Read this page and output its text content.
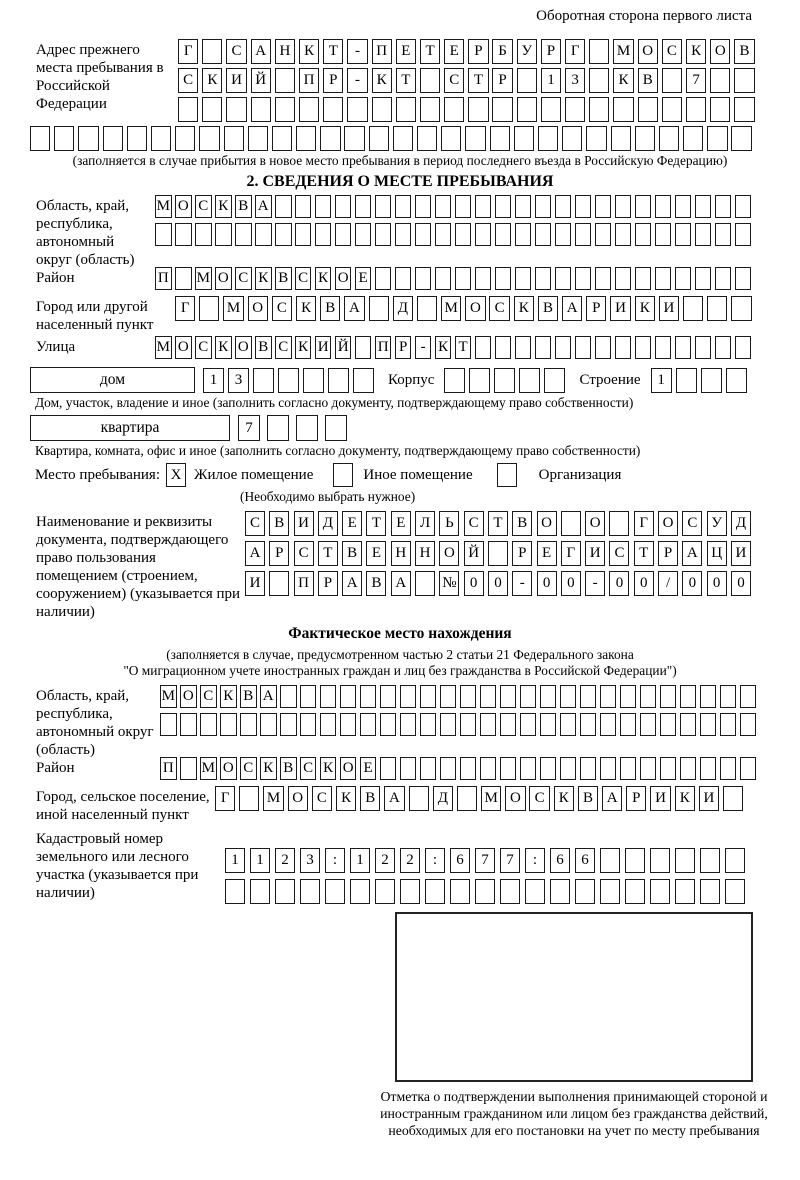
Оборотная сторона первого листа
Адрес прежнего места пребывания в Российской Федерации
Г	С А Н К Т	-	П Е	Т	Е	Р	Б У Р	Г	М О С К О В
С К И Й	П Р	-	К Т	С Т	Р	1	3	К В	7
(заполняется в случае прибытия в новое место пребывания в период последнего въезда в Российскую Федерацию)
2. СВЕДЕНИЯ О МЕСТЕ ПРЕБЫВАНИЯ
Область, край, республика, автономный округ (область)
М О С К В А
Район	П М О С К В С К О Е
Город или другой населенный пункт
Г	М О С К В А	Д	М О С К В А Р И К И
Улица	М О С К О В С К И Й П Р - К Т
дом	1	3	Корпус	Строение	1
Дом, участок, владение и иное (заполнить согласно документу, подтверждающему право собственности)
квартира	7
Квартира, комната, офис и иное (заполнить согласно документу, подтверждающему право собственности)
Место пребывания: X Жилое помещение	Иное помещение	Организация
(Необходимо выбрать нужное)
Наименование и реквизиты документа, подтверждающего право пользования помещением (строением, сооружением) (указывается при наличии)
С В И Д Е	Т	Е Л Ь С Т В О	О	Г О С У Д
А Р	С Т В Е Н Н О Й	Р	Е	Г И С Т	Р А Ц И
И	П Р А В А	№ 0	0	-	0	0	-	0	0	/	0	0	0
Фактическое место нахождения
(заполняется в случае, предусмотренном частью 2 статьи 21 Федерального закона
"О миграционном учете иностранных граждан и лиц без гражданства в Российской Федерации")
Область, край, республика, автономный округ (область)
М О С К В А
Район	П М О С К В С К О Е
Город, сельское поселение, иной населенный пункт
Г	М О С К В А	Д	М О С К В А Р И К И
Кадастровый номер земельного или лесного участка (указывается при наличии)
1	1	2	3	:	1	2	2	:	6	7	7	:	6	6
Отметка о подтверждении выполнения принимающей стороной и иностранным гражданином или лицом без гражданства действий, необходимых для его постановки на учет по месту пребывания
